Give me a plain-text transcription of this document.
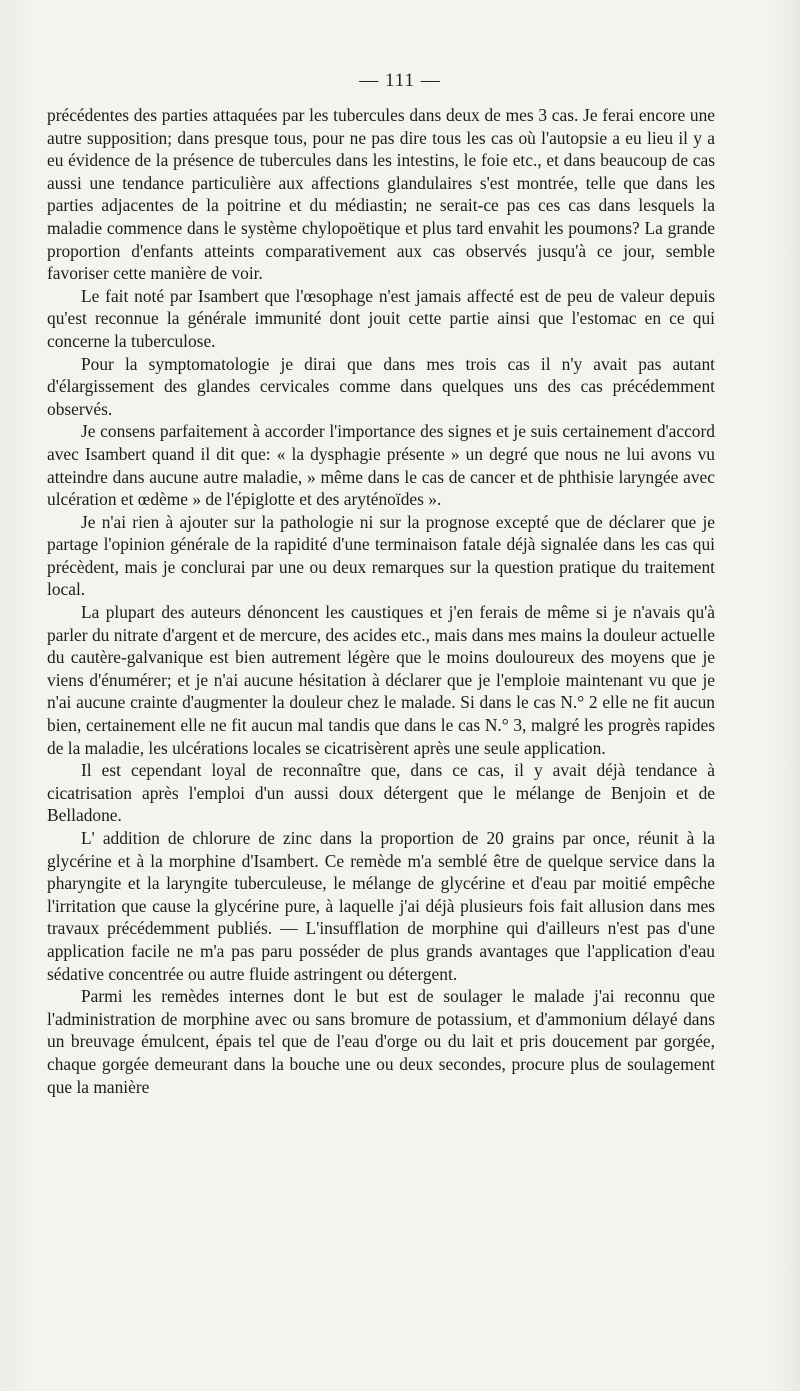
— 111 —

précédentes des parties attaquées par les tubercules dans deux de mes 3 cas. Je ferai encore une autre supposition; dans presque tous, pour ne pas dire tous les cas où l'autopsie a eu lieu il y a eu évidence de la présence de tubercules dans les intestins, le foie etc., et dans beaucoup de cas aussi une tendance particulière aux affections glandulaires s'est montrée, telle que dans les parties adjacentes de la poitrine et du médiastin; ne serait-ce pas ces cas dans lesquels la maladie commence dans le système chylopoëtique et plus tard envahit les poumons? La grande proportion d'enfants atteints comparativement aux cas observés jusqu'à ce jour, semble favoriser cette manière de voir.

Le fait noté par Isambert que l'œsophage n'est jamais affecté est de peu de valeur depuis qu'est reconnue la générale immunité dont jouit cette partie ainsi que l'estomac en ce qui concerne la tuberculose.

Pour la symptomatologie je dirai que dans mes trois cas il n'y avait pas autant d'élargissement des glandes cervicales comme dans quelques uns des cas précédemment observés.

Je consens parfaitement à accorder l'importance des signes et je suis certainement d'accord avec Isambert quand il dit que: « la dysphagie présente » un degré que nous ne lui avons vu atteindre dans aucune autre maladie, » même dans le cas de cancer et de phthisie laryngée avec ulcération et œdème » de l'épiglotte et des aryténoïdes ».

Je n'ai rien à ajouter sur la pathologie ni sur la prognose excepté que de déclarer que je partage l'opinion générale de la rapidité d'une terminaison fatale déjà signalée dans les cas qui précèdent, mais je conclurai par une ou deux remarques sur la question pratique du traitement local.

La plupart des auteurs dénoncent les caustiques et j'en ferais de même si je n'avais qu'à parler du nitrate d'argent et de mercure, des acides etc., mais dans mes mains la douleur actuelle du cautère-galvanique est bien autrement légère que le moins douloureux des moyens que je viens d'énumérer; et je n'ai aucune hésitation à déclarer que je l'emploie maintenant vu que je n'ai aucune crainte d'augmenter la douleur chez le malade. Si dans le cas N.° 2 elle ne fit aucun bien, certainement elle ne fit aucun mal tandis que dans le cas N.° 3, malgré les progrès rapides de la maladie, les ulcérations locales se cicatrisèrent après une seule application.

Il est cependant loyal de reconnaître que, dans ce cas, il y avait déjà tendance à cicatrisation après l'emploi d'un aussi doux détergent que le mélange de Benjoin et de Belladone.

L' addition de chlorure de zinc dans la proportion de 20 grains par once, réunit à la glycérine et à la morphine d'Isambert. Ce remède m'a semblé être de quelque service dans la pharyngite et la laryngite tuberculeuse, le mélange de glycérine et d'eau par moitié empêche l'irritation que cause la glycérine pure, à laquelle j'ai déjà plusieurs fois fait allusion dans mes travaux précédemment publiés. — L'insufflation de morphine qui d'ailleurs n'est pas d'une application facile ne m'a pas paru posséder de plus grands avantages que l'application d'eau sédative concentrée ou autre fluide astringent ou détergent.

Parmi les remèdes internes dont le but est de soulager le malade j'ai reconnu que l'administration de morphine avec ou sans bromure de potassium, et d'ammonium délayé dans un breuvage émulcent, épais tel que de l'eau d'orge ou du lait et pris doucement par gorgée, chaque gorgée demeurant dans la bouche une ou deux secondes, procure plus de soulagement que la manière
